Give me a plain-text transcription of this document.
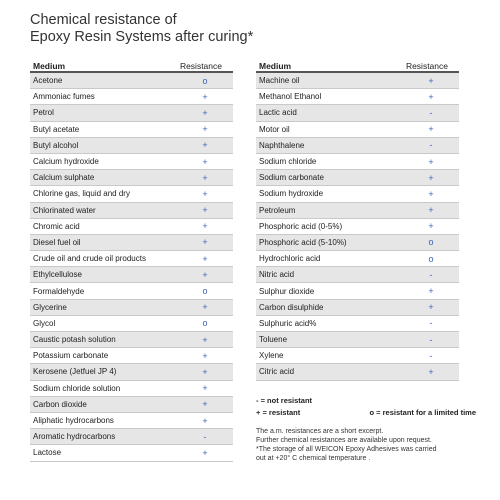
Chemical resistance of
Epoxy Resin Systems after curing*
Medium	Resistance
Acetone	o
Ammoniac fumes	+
Petrol	+
Butyl acetate	+
Butyl alcohol	+
Calcium hydroxide	+
Calcium sulphate	+
Chlorine gas, liquid and dry	+
Chlorinated water	+
Chromic acid	+
Diesel fuel oil	+
Crude oil and crude oil products	+
Ethylcellulose	+
Formaldehyde	o
Glycerine	+
Glycol	o
Caustic potash solution	+
Potassium carbonate	+
Kerosene (Jetfuel JP 4)	+
Sodium chloride solution	+
Carbon dioxide	+
Aliphatic hydrocarbons	+
Aromatic hydrocarbons	-
Lactose	+
Medium	Resistance
Machine oil	+
Methanol Ethanol	+
Lactic acid	-
Motor oil	+
Naphthalene	-
Sodium chloride	+
Sodium carbonate	+
Sodium hydroxide	+
Petroleum	+
Phosphoric acid (0-5%)	+
Phosphoric acid (5-10%)	o
Hydrochloric acid	o
Nitric acid	-
Sulphur dioxide	+
Carbon disulphide	+
Sulphuric acid%	-
Toluene	-
Xylene	-
Citric acid	+
- = not resistant
+ = resistant	o = resistant for a limited time

The a.m. resistances are a short excerpt.

Further chemical resistances are available upon request.

*The storage of all WEICON Epoxy Adhesives was carried

out at +20° C chemical temperature .
